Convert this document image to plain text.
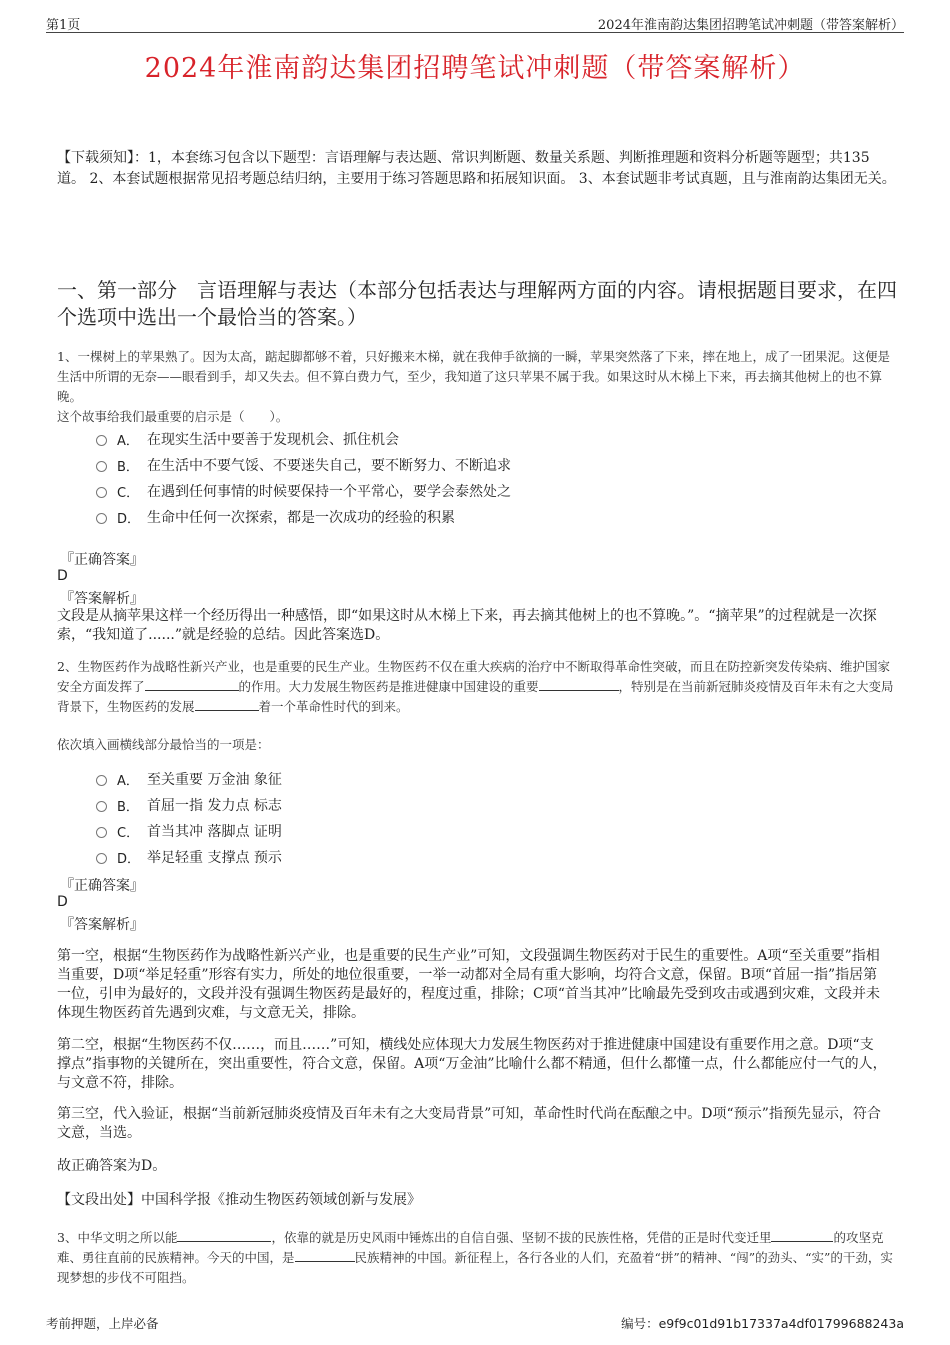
第1页	2024年淮南韵达集团招聘笔试冲刺题（带答案解析）
2024年淮南韵达集团招聘笔试冲刺题（带答案解析）
【下载须知】：1，本套练习包含以下题型：言语理解与表达题、常识判断题、数量关系题、判断推理题和资料分析题等题型；共135道。 2、本套试题根据常见招考题总结归纳，主要用于练习答题思路和拓展知识面。 3、本套试题非考试真题，且与淮南韵达集团无关。
一、第一部分　言语理解与表达（本部分包括表达与理解两方面的内容。请根据题目要求，在四个选项中选出一个最恰当的答案。）
1、一棵树上的苹果熟了。因为太高，踮起脚都够不着，只好搬来木梯，就在我伸手欲摘的一瞬，苹果突然落了下来，摔在地上，成了一团果泥。这便是生活中所谓的无奈——眼看到手，却又失去。但不算白费力气，至少，我知道了这只苹果不属于我。如果这时从木梯上下来，再去摘其他树上的也不算晚。
这个故事给我们最重要的启示是（　　）。
A． 在现实生活中要善于发现机会、抓住机会
B． 在生活中不要气馁、不要迷失自己，要不断努力、不断追求
C． 在遇到任何事情的时候要保持一个平常心，要学会泰然处之
D． 生命中任何一次探索，都是一次成功的经验的积累
『正确答案』
D
『答案解析』
文段是从摘苹果这样一个经历得出一种感悟，即“如果这时从木梯上下来，再去摘其他树上的也不算晚。”。“摘苹果”的过程就是一次探索，“我知道了......”就是经验的总结。因此答案选D。
2、生物医药作为战略性新兴产业，也是重要的民生产业。生物医药不仅在重大疾病的治疗中不断取得革命性突破，而且在防控新突发传染病、维护国家安全方面发挥了	的作用。大力发展生物医药是推进健康中国建设的重要	，特别是在当前新冠肺炎疫情及百年未有之大变局背景下，生物医药的发展	着一个革命性时代的到来。
依次填入画横线部分最恰当的一项是：
A． 至关重要 万金油 象征
B． 首屈一指 发力点 标志
C． 首当其冲 落脚点 证明
D． 举足轻重 支撑点 预示
『正确答案』
D
『答案解析』
第一空，根据“生物医药作为战略性新兴产业，也是重要的民生产业”可知，文段强调生物医药对于民生的重要性。A项“至关重要”指相当重要，D项“举足轻重”形容有实力，所处的地位很重要，一举一动都对全局有重大影响，均符合文意，保留。B项“首屈一指”指居第一位，引申为最好的，文段并没有强调生物医药是最好的，程度过重，排除；C项“首当其冲”比喻最先受到攻击或遇到灾难，文段并未体现生物医药首先遇到灾难，与文意无关，排除。
第二空，根据“生物医药不仅……，而且……”可知，横线处应体现大力发展生物医药对于推进健康中国建设有重要作用之意。D项“支撑点”指事物的关键所在，突出重要性，符合文意，保留。A项“万金油”比喻什么都不精通，但什么都懂一点，什么都能应付一气的人，与文意不符，排除。
第三空，代入验证，根据“当前新冠肺炎疫情及百年未有之大变局背景”可知，革命性时代尚在酝酿之中。D项“预示”指预先显示，符合文意，当选。
故正确答案为D。
【文段出处】中国科学报《推动生物医药领域创新与发展》
3、中华文明之所以能	，依靠的就是历史风雨中锤炼出的自信自强、坚韧不拔的民族性格，凭借的正是时代变迁里	的攻坚克难、勇往直前的民族精神。今天的中国，是	民族精神的中国。新征程上，各行各业的人们，充盈着“拼”的精神、“闯”的劲头、“实”的干劲，实现梦想的步伐不可阻挡。
考前押题，上岸必备	编号：e9f9c01d91b17337a4df01799688243a
